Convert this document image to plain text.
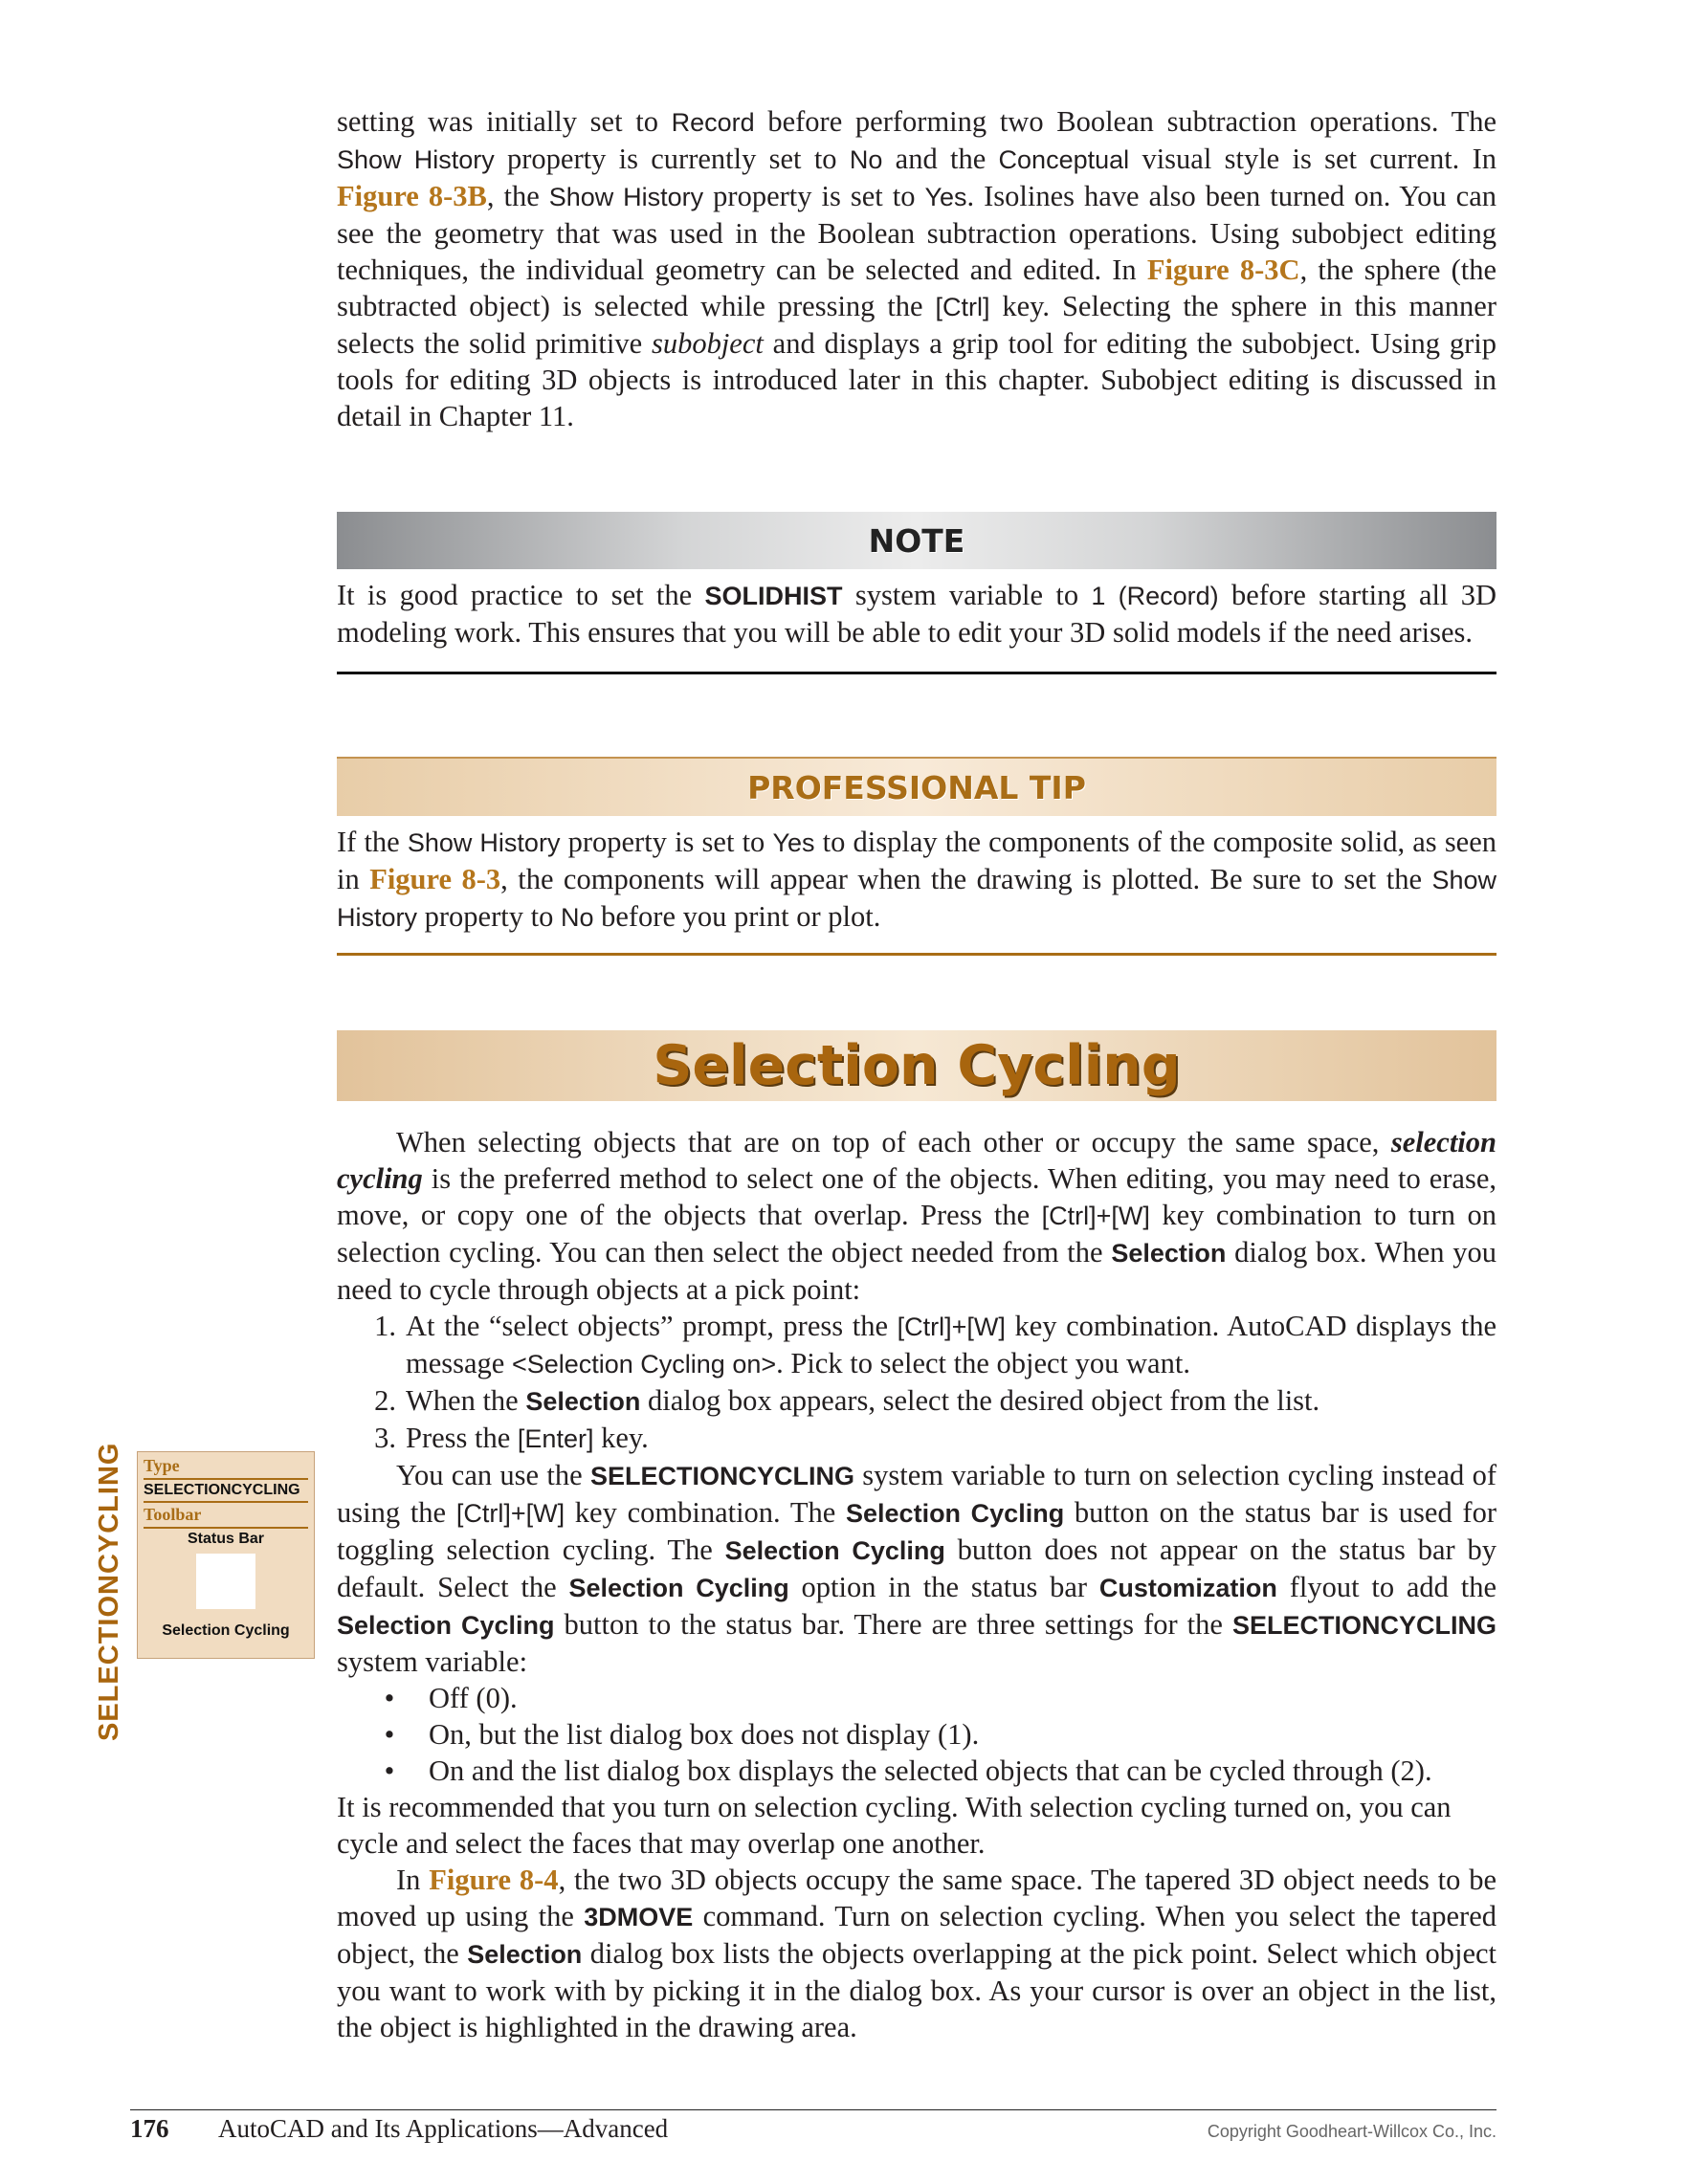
setting was initially set to Record before performing two Boolean subtraction operations. The Show History property is currently set to No and the Conceptual visual style is set current. In Figure 8-3B, the Show History property is set to Yes. Isolines have also been turned on. You can see the geometry that was used in the Boolean subtraction operations. Using subobject editing techniques, the individual geometry can be selected and edited. In Figure 8-3C, the sphere (the subtracted object) is selected while pressing the [Ctrl] key. Selecting the sphere in this manner selects the solid primitive subobject and displays a grip tool for editing the subobject. Using grip tools for editing 3D objects is introduced later in this chapter. Subobject editing is discussed in detail in Chapter 11.

NOTE

It is good practice to set the SOLIDHIST system variable to 1 (Record) before starting all 3D modeling work. This ensures that you will be able to edit your 3D solid models if the need arises.

PROFESSIONAL TIP

If the Show History property is set to Yes to display the components of the composite solid, as seen in Figure 8-3, the components will appear when the drawing is plotted. Be sure to set the Show History property to No before you print or plot.

Selection Cycling

When selecting objects that are on top of each other or occupy the same space, selection cycling is the preferred method to select one of the objects. When editing, you may need to erase, move, or copy one of the objects that overlap. Press the [Ctrl]+[W] key combination to turn on selection cycling. You can then select the object needed from the Selection dialog box. When you need to cycle through objects at a pick point:

1. At the “select objects” prompt, press the [Ctrl]+[W] key combination. AutoCAD displays the message <Selection Cycling on>. Pick to select the object you want.
2. When the Selection dialog box appears, select the desired object from the list.
3. Press the [Enter] key.

You can use the SELECTIONCYCLING system variable to turn on selection cycling instead of using the [Ctrl]+[W] key combination. The Selection Cycling button on the status bar is used for toggling selection cycling. The Selection Cycling button does not appear on the status bar by default. Select the Selection Cycling option in the status bar Customization flyout to add the Selection Cycling button to the status bar. There are three settings for the SELECTIONCYCLING system variable:

•	Off (0).
•	On, but the list dialog box does not display (1).
•	On and the list dialog box displays the selected objects that can be cycled through (2).

It is recommended that you turn on selection cycling. With selection cycling turned on, you can cycle and select the faces that may overlap one another.

In Figure 8-4, the two 3D objects occupy the same space. The tapered 3D object needs to be moved up using the 3DMOVE command. Turn on selection cycling. When you select the tapered object, the Selection dialog box lists the objects overlapping at the pick point. Select which object you want to work with by picking it in the dialog box. As your cursor is over an object in the list, the object is highlighted in the drawing area.

Type
SELECTIONCYCLING
Toolbar
Status Bar
Selection Cycling
SELECTIONCYCLING
176	AutoCAD and Its Applications—Advanced	Copyright Goodheart-Willcox Co., Inc.
